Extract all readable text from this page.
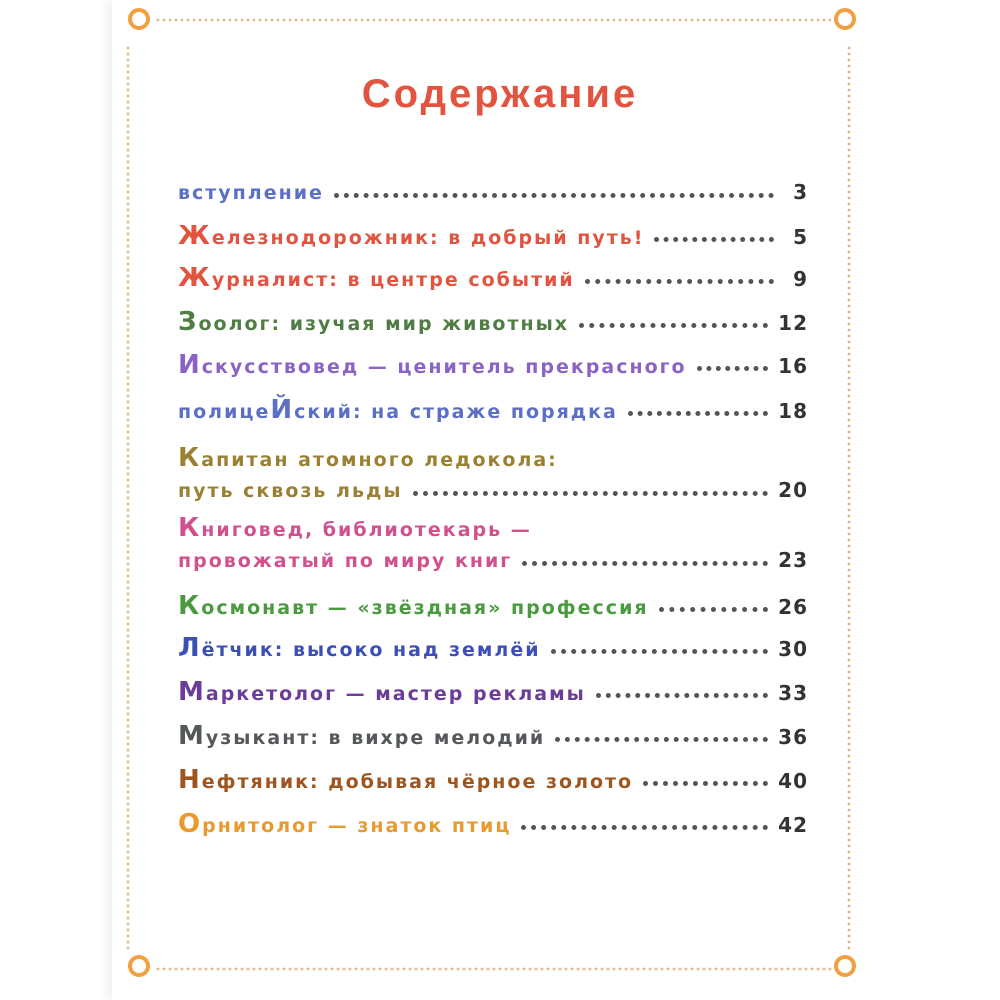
Содержание
вступление	3
Железнодорожник: в добрый путь!	5
Журналист: в центре событий	9
Зоолог: изучая мир животных	12
Искусствовед — ценитель прекрасного	16
полицеЙский: на страже порядка	18
Капитан атомного ледокола:
путь сквозь льды	20
Книговед, библиотекарь —
провожатый по миру книг	23
Космонавт — «звёздная» профессия	26
Лётчик: высоко над землёй	30
Маркетолог — мастер рекламы	33
Музыкант: в вихре мелодий	36
Нефтяник: добывая чёрное золото	40
Орнитолог — знаток птиц	42
